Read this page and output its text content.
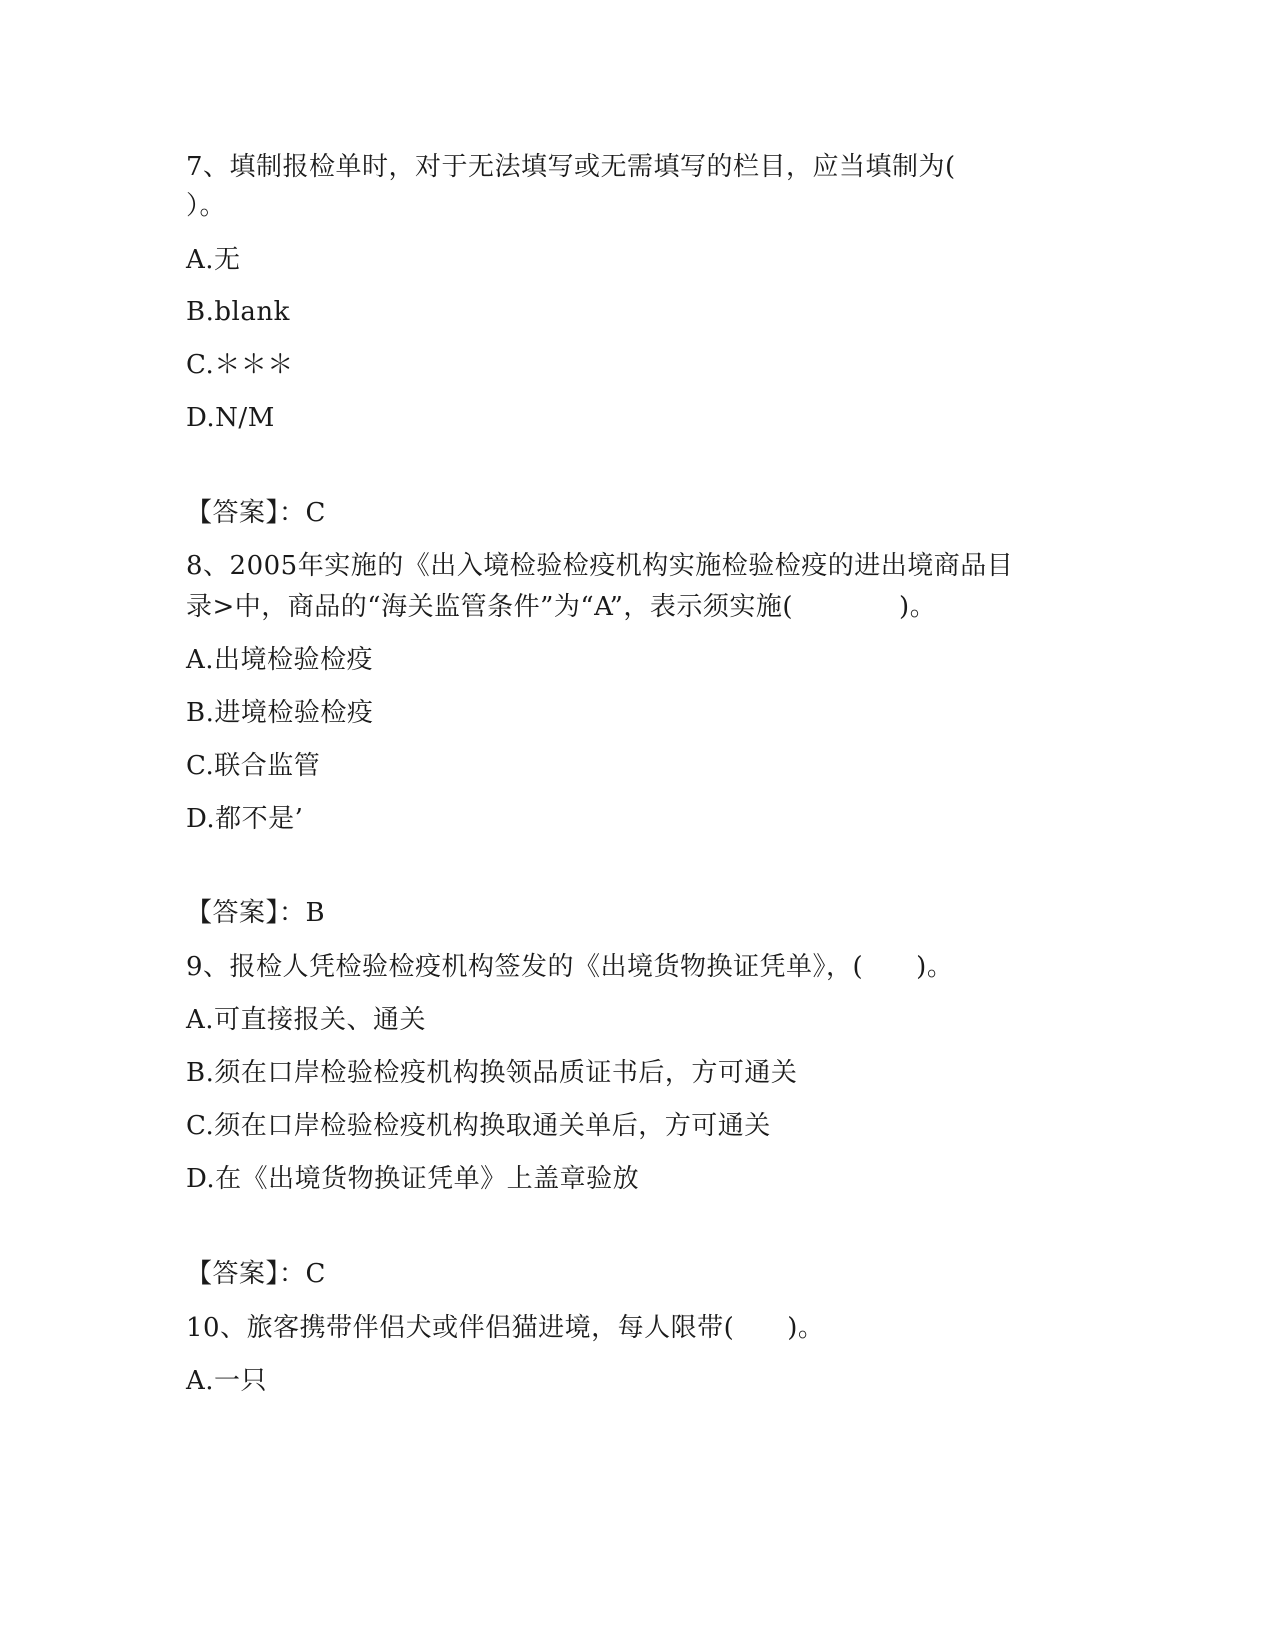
7、填制报检单时，对于无法填写或无需填写的栏目，应当填制为(
）。
A.无
B.blank
C.＊＊＊
D.N/M
【答案】：C
8、2005年实施的《出入境检验检疫机构实施检验检疫的进出境商品目
录>中，商品的“海关监管条件”为“A”，表示须实施(　　　　)。
A.出境检验检疫
B.进境检验检疫
C.联合监管
D.都不是’
【答案】：B
9、报检人凭检验检疫机构签发的《出境货物换证凭单》，(　　)。
A.可直接报关、通关
B.须在口岸检验检疫机构换领品质证书后，方可通关
C.须在口岸检验检疫机构换取通关单后，方可通关
D.在《出境货物换证凭单》上盖章验放
【答案】：C
10、旅客携带伴侣犬或伴侣猫进境，每人限带(　　)。
A.一只
